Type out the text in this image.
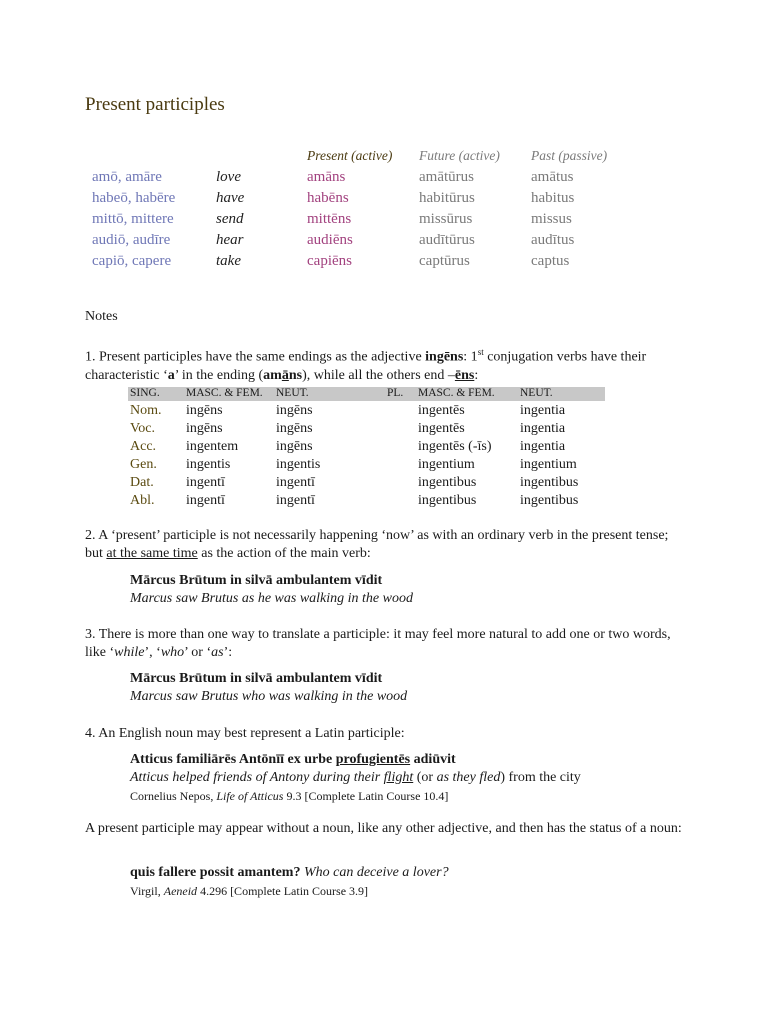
Present participles
Present (active) Future (active) Past (passive)
amō, amāre	love	amāns	amātūrus	amātus
habeō, habēre	have	habēns	habitūrus	habitus
mittō, mittere	send	mittēns	missūrus	missus
audiō, audīre	hear	audiēns	audītūrus	audītus
capiō, capere	take	capiēns	captūrus	captus
Notes
1. Present participles have the same endings as the adjective ingēns: 1st conjugation verbs have their characteristic ‘a’ in the ending (amāns), while all the others end –ēns:
SING. MASC. & FEM. NEUT.	PL. MASC. & FEM. NEUT.
Nom. ingēns	ingēns	ingentēs	ingentia
Voc. ingēns	ingēns	ingentēs	ingentia
Acc. ingentem	ingēns	ingentēs (-īs) ingentia
Gen. ingentis	ingentis	ingentium	ingentium
Dat. ingentī	ingentī	ingentibus	ingentibus
Abl. ingentī	ingentī	ingentibus	ingentibus
2. A ‘present’ participle is not necessarily happening ‘now’ as with an ordinary verb in the present tense; but at the same time as the action of the main verb:
Mārcus Brūtum in silvā ambulantem vīdit
Marcus saw Brutus as he was walking in the wood
3. There is more than one way to translate a participle: it may feel more natural to add one or two words, like ‘while’, ‘who’ or ‘as’:
Mārcus Brūtum in silvā ambulantem vīdit
Marcus saw Brutus who was walking in the wood
4. An English noun may best represent a Latin participle:
Atticus familiārēs Antōnīī ex urbe profugientēs adiūvit
Atticus helped friends of Antony during their flight (or as they fled) from the city
Cornelius Nepos, Life of Atticus 9.3 [Complete Latin Course 10.4]
A present participle may appear without a noun, like any other adjective, and then has the status of a noun:
quis fallere possit amantem? Who can deceive a lover?
Virgil, Aeneid 4.296 [Complete Latin Course 3.9]
